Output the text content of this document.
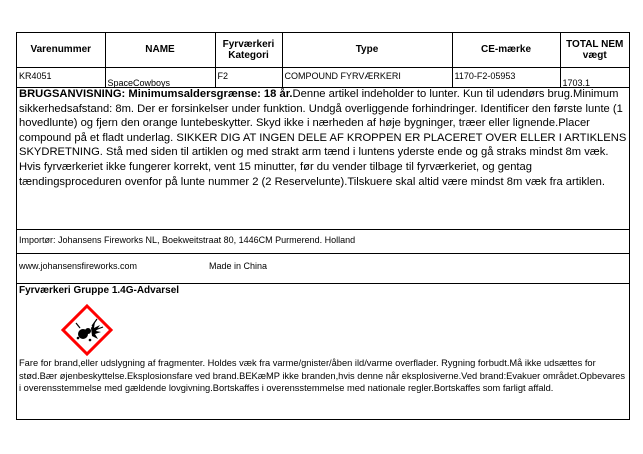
Varenummer	NAME	Fyrværkeri Kategori	Type	CE-mærke	TOTAL NEM vægt

KR4051	SpaceCowboys	F2	COMPOUND FYRVÆRKERI	1170-F2-05953	1703.1
BRUGSANVISNING: Minimumsaldersgrænse: 18 år.Denne artikel indeholder to lunter. Kun til udendørs brug.Minimum sikkerhedsafstand: 8m. Der er forsinkelser under funktion. Undgå overliggende forhindringer. Identificer den første lunte (1 hovedlunte) og fjern den orange luntebeskytter. Skyd ikke i nærheden af høje bygninger, træer eller lignende.Placer compound på et fladt underlag. SIKKER DIG AT INGEN DELE AF KROPPEN ER PLACERET OVER ELLER I ARTIKLENS SKYDRETNING. Stå med siden til artiklen og med strakt arm tænd i luntens yderste ende og gå straks mindst 8m væk. Hvis fyrværkeriet ikke fungerer korrekt, vent 15 minutter, før du vender tilbage til fyrværkeriet, og gentag tændingsproceduren ovenfor på lunte nummer 2 (2 Reservelunte).Tilskuere skal altid være mindst 8m væk fra artiklen.
Importør: Johansens Fireworks NL, Boekweitstraat 80, 1446CM Purmerend. Holland
www.johansensfireworks.com	Made in China
Fyrværkeri Gruppe 1.4G-Advarsel
Fare for brand,eller udslygning af fragmenter. Holdes væk fra varme/gnister/åben ild/varme overflader. Rygning forbudt.Må ikke udsættes for stød.Bær øjenbeskyttelse.Eksplosionsfare ved brand.BEKæMP ikke branden,hvis denne når eksplosiverne.Ved brand:Evakuer området.Opbevares i overensstemmelse med gældende lovgivning.Bortskaffes i overensstemmelse med nationale regler.Bortskaffes som farligt affald.
